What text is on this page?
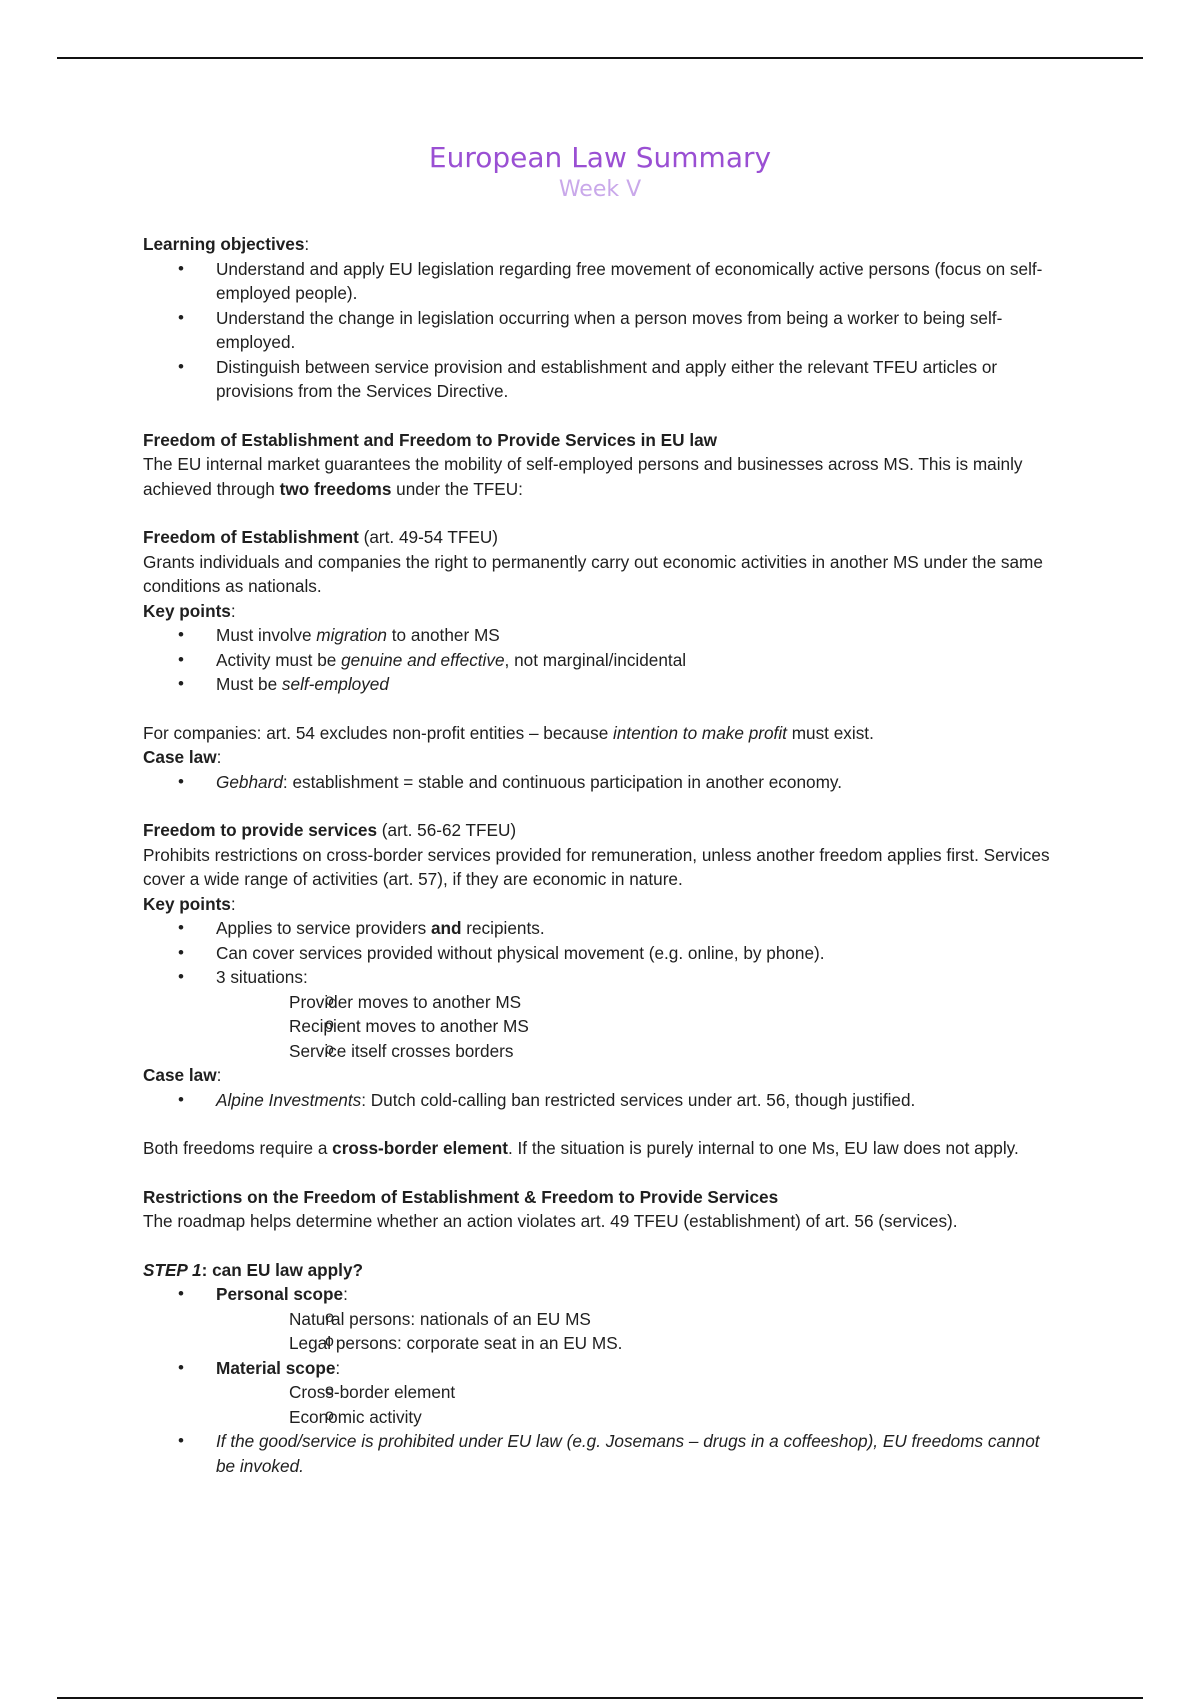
European Law Summary
Week V

Learning objectives:

• Understand and apply EU legislation regarding free movement of economically active persons (focus on self-employed people).
• Understand the change in legislation occurring when a person moves from being a worker to being self-employed.
• Distinguish between service provision and establishment and apply either the relevant TFEU articles or provisions from the Services Directive.

Freedom of Establishment and Freedom to Provide Services in EU law

The EU internal market guarantees the mobility of self-employed persons and businesses across MS. This is mainly achieved through two freedoms under the TFEU:

Freedom of Establishment (art. 49-54 TFEU)

Grants individuals and companies the right to permanently carry out economic activities in another MS under the same conditions as nationals.

Key points:

• Must involve migration to another MS
• Activity must be genuine and effective, not marginal/incidental
• Must be self-employed

For companies: art. 54 excludes non-profit entities – because intention to make profit must exist.

Case law:

• Gebhard: establishment = stable and continuous participation in another economy.

Freedom to provide services (art. 56-62 TFEU)

Prohibits restrictions on cross-border services provided for remuneration, unless another freedom applies first. Services cover a wide range of activities (art. 57), if they are economic in nature.

Key points:

• Applies to service providers and recipients.
• Can cover services provided without physical movement (e.g. online, by phone).
• 3 situations:
o Provider moves to another MS
o Recipient moves to another MS
o Service itself crosses borders

Case law:

• Alpine Investments: Dutch cold-calling ban restricted services under art. 56, though justified.

Both freedoms require a cross-border element. If the situation is purely internal to one Ms, EU law does not apply.

Restrictions on the Freedom of Establishment & Freedom to Provide Services

The roadmap helps determine whether an action violates art. 49 TFEU (establishment) of art. 56 (services).

STEP 1: can EU law apply?

• Personal scope:
o Natural persons: nationals of an EU MS
o Legal persons: corporate seat in an EU MS.
• Material scope:
o Cross-border element
o Economic activity
• If the good/service is prohibited under EU law (e.g. Josemans – drugs in a coffeeshop), EU freedoms cannot be invoked.
